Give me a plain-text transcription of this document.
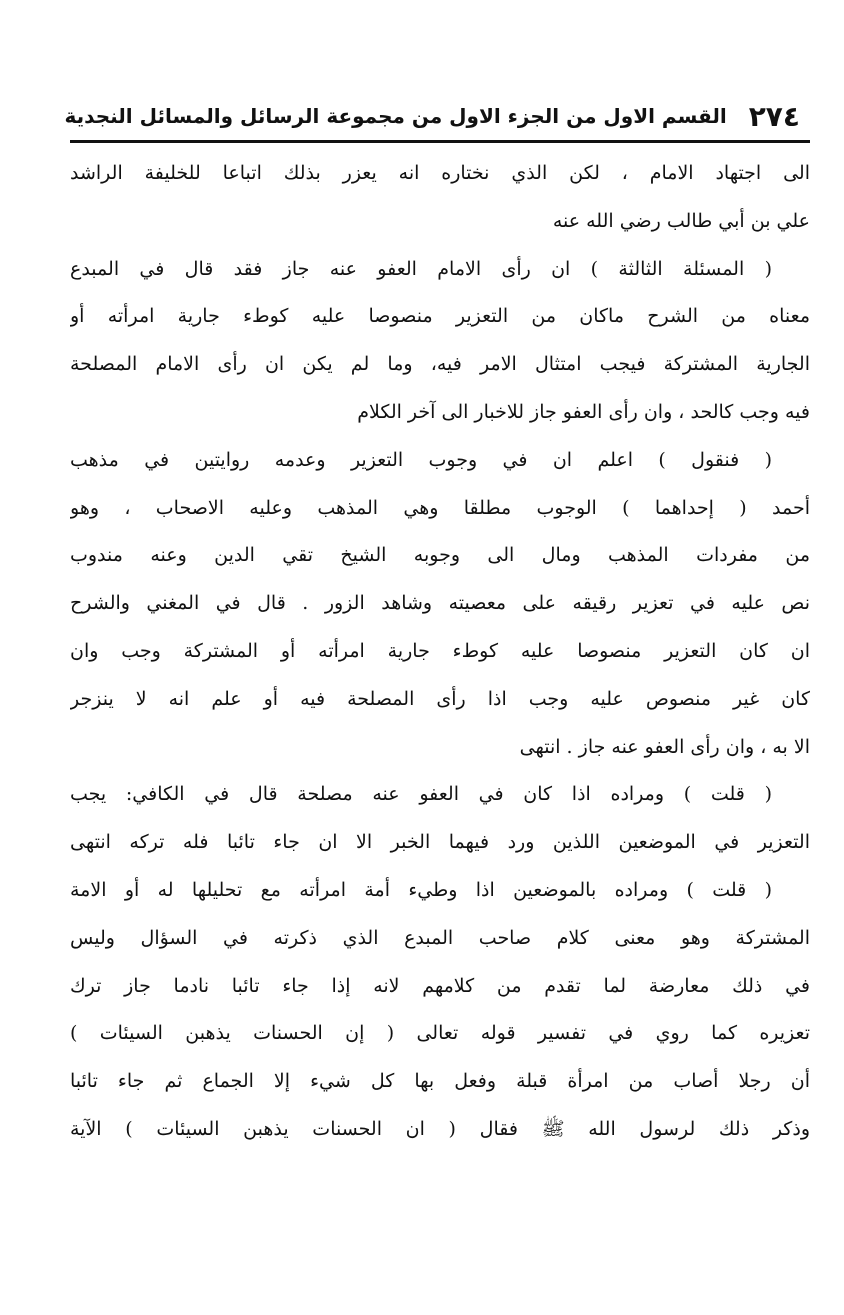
٢٧٤
القسم الاول من الجزء الاول من مجموعة الرسائل والمسائل النجدية
الى اجتهاد الامام ، لكن الذي نختاره انه يعزر بذلك اتباعا للخليفة الراشد
علي بن أبي طالب رضي الله عنه
( المسئلة الثالثة ) ان رأى الامام العفو عنه جاز فقد قال في المبدع
معناه من الشرح ماكان من التعزير منصوصا عليه كوطء جارية امرأته أو
الجارية المشتركة فيجب امتثال الامر فيه، وما لم يكن ان رأى الامام المصلحة
فيه وجب كالحد ، وان رأى العفو جاز للاخبار الى آخر الكلام
( فنقول ) اعلم ان في وجوب التعزير وعدمه روايتين في مذهب
أحمد ( إحداهما ) الوجوب مطلقا وهي المذهب وعليه الاصحاب ، وهو
من مفردات المذهب ومال الى وجوبه الشيخ تقي الدين وعنه مندوب
نص عليه في تعزير رقيقه على معصيته وشاهد الزور . قال في المغني والشرح
ان كان التعزير منصوصا عليه كوطء جارية امرأته أو المشتركة وجب وان
كان غير منصوص عليه وجب اذا رأى المصلحة فيه أو علم انه لا ينزجر
الا به ، وان رأى العفو عنه جاز . انتهى
( قلت ) ومراده اذا كان في العفو عنه مصلحة قال في الكافي: يجب
التعزير في الموضعين اللذين ورد فيهما الخبر الا ان جاء تائبا فله تركه انتهى
( قلت ) ومراده بالموضعين اذا وطيء أمة امرأته مع تحليلها له أو الامة
المشتركة وهو معنى كلام صاحب المبدع الذي ذكرته في السؤال وليس
في ذلك معارضة لما تقدم من كلامهم لانه إذا جاء تائبا نادما جاز ترك
تعزيره كما روي في تفسير قوله تعالى ( إن الحسنات يذهبن السيئات )
أن رجلا أصاب من امرأة قبلة وفعل بها كل شيء إلا الجماع ثم جاء تائبا
وذكر ذلك لرسول الله ﷺ فقال ( ان الحسنات يذهبن السيئات ) الآية
